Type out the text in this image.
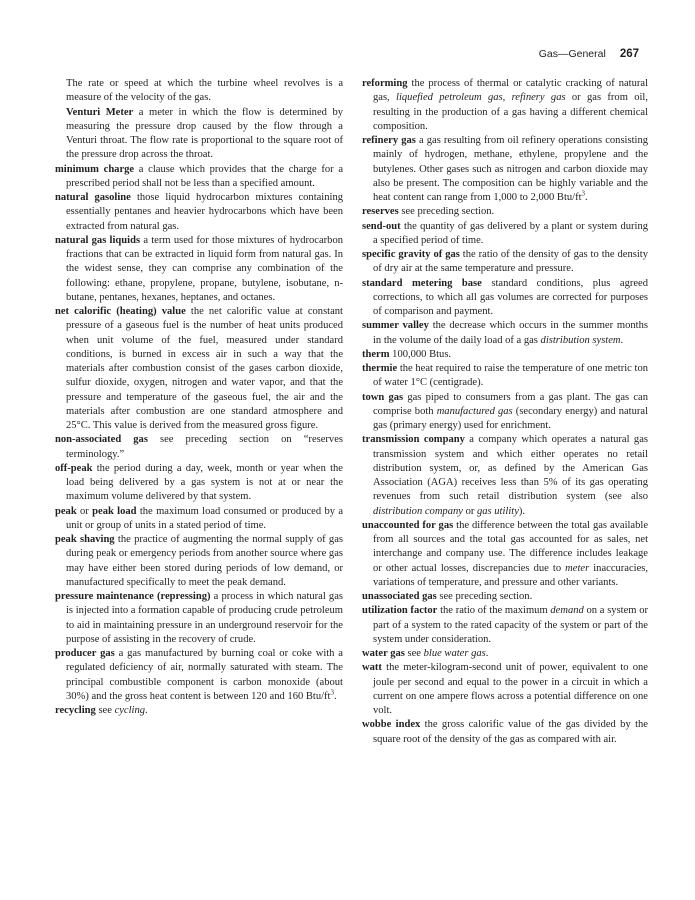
Gas—General 267

The rate or speed at which the turbine wheel revolves is a measure of the velocity of the gas.

Venturi Meter a meter in which the flow is determined by measuring the pressure drop caused by the flow through a Venturi throat. The flow rate is proportional to the square root of the pressure drop across the throat.

minimum charge a clause which provides that the charge for a prescribed period shall not be less than a specified amount.

natural gasoline those liquid hydrocarbon mixtures containing essentially pentanes and heavier hydrocarbons which have been extracted from natural gas.

natural gas liquids a term used for those mixtures of hydrocarbon fractions that can be extracted in liquid form from natural gas. In the widest sense, they can comprise any combination of the following: ethane, propylene, propane, butylene, isobutane, n-butane, pentanes, hexanes, heptanes, and octanes.

net calorific (heating) value the net calorific value at constant pressure of a gaseous fuel is the number of heat units produced when unit volume of the fuel, measured under standard conditions, is burned in excess air in such a way that the materials after combustion consist of the gases carbon dioxide, sulfur dioxide, oxygen, nitrogen and water vapor, and that the pressure and temperature of the gaseous fuel, the air and the materials after combustion are one standard atmosphere and 25°C. This value is derived from the measured gross figure.

non-associated gas see preceding section on “reserves terminology.”

off-peak the period during a day, week, month or year when the load being delivered by a gas system is not at or near the maximum volume delivered by that system.

peak or peak load the maximum load consumed or produced by a unit or group of units in a stated period of time.

peak shaving the practice of augmenting the normal supply of gas during peak or emergency periods from another source where gas may have either been stored during periods of low demand, or manufactured specifically to meet the peak demand.

pressure maintenance (repressing) a process in which natural gas is injected into a formation capable of producing crude petroleum to aid in maintaining pressure in an underground reservoir for the purpose of assisting in the recovery of crude.

producer gas a gas manufactured by burning coal or coke with a regulated deficiency of air, normally saturated with steam. The principal combustible component is carbon monoxide (about 30%) and the gross heat content is between 120 and 160 Btu/$ft^3$.

recycling see cycling.

reforming the process of thermal or catalytic cracking of natural gas, liquefied petroleum gas, refinery gas or gas from oil, resulting in the production of a gas having a different chemical composition.

refinery gas a gas resulting from oil refinery operations consisting mainly of hydrogen, methane, ethylene, propylene and the butylenes. Other gases such as nitrogen and carbon dioxide may also be present. The composition can be highly variable and the heat content can range from 1,000 to 2,000 Btu/$ft^3$.

reserves see preceding section.

send-out the quantity of gas delivered by a plant or system during a specified period of time.

specific gravity of gas the ratio of the density of gas to the density of dry air at the same temperature and pressure.

standard metering base standard conditions, plus agreed corrections, to which all gas volumes are corrected for purposes of comparison and payment.

summer valley the decrease which occurs in the summer months in the volume of the daily load of a gas distribution system.

therm 100,000 Btus.

thermie the heat required to raise the temperature of one metric ton of water 1°C (centigrade).

town gas gas piped to consumers from a gas plant. The gas can comprise both manufactured gas (secondary energy) and natural gas (primary energy) used for enrichment.

transmission company a company which operates a natural gas transmission system and which either operates no retail distribution system, or, as defined by the American Gas Association (AGA) receives less than 5% of its gas operating revenues from such retail distribution system (see also distribution company or gas utility).

unaccounted for gas the difference between the total gas available from all sources and the total gas accounted for as sales, net interchange and company use. The difference includes leakage or other actual losses, discrepancies due to meter inaccuracies, variations of temperature, and pressure and other variants.

unassociated gas see preceding section.

utilization factor the ratio of the maximum demand on a system or part of a system to the rated capacity of the system or part of the system under consideration.

water gas see blue water gas.

watt the meter-kilogram-second unit of power, equivalent to one joule per second and equal to the power in a circuit in which a current on one ampere flows across a potential difference on one volt.

wobbe index the gross calorific value of the gas divided by the square root of the density of the gas as compared with air.
